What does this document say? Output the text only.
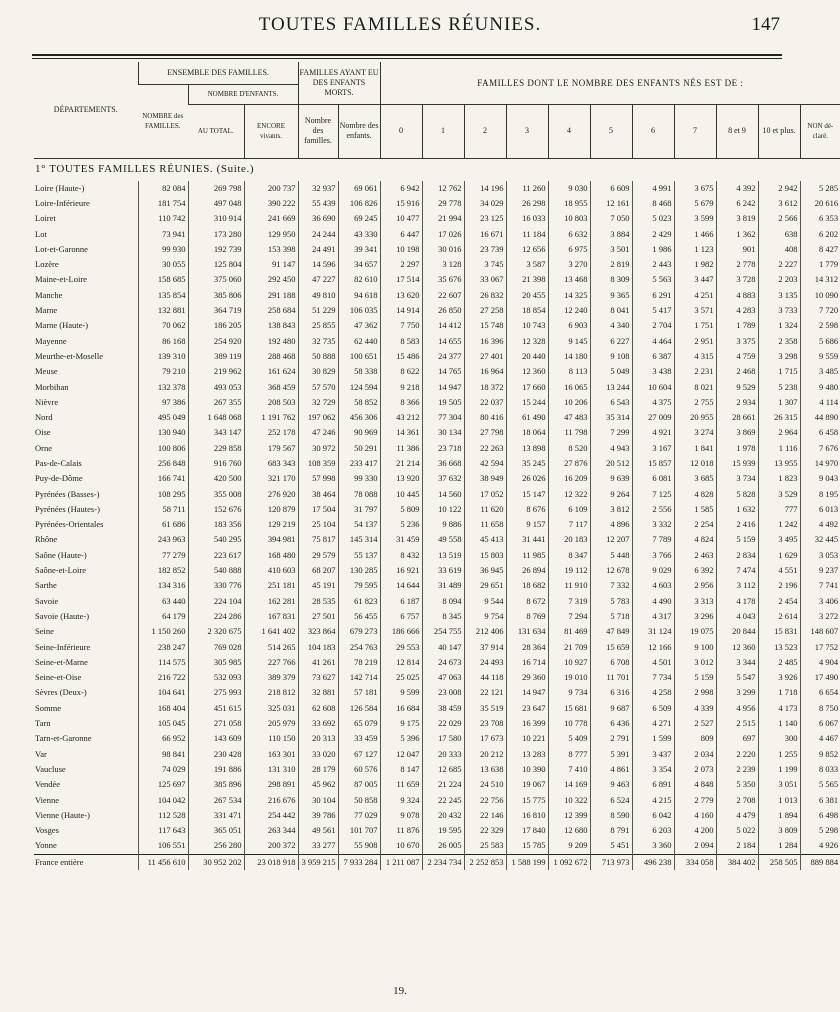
TOUTES FAMILLES RÉUNIES.	147
DÉPARTEMENTS.	ENSEMBLE DES FAMILLES.			FAMILLES AYANT EU DES ENFANTS MORTS.		FAMILLES DONT LE NOMBRE DES ENFANTS NÉS EST DE :										
	NOMBRE des FAMILLES.	NOMBRE D'ENFANTS.														
		AU TOTAL.	ENCORE vivants.	Nombre des familles.	Nombre des enfants.	0	1	2	3	4	5	6	7	8 et 9	10 et plus.	NON dé- claré.
1° TOUTES FAMILLES RÉUNIES. (Suite.)																
Loire (Haute-)	82 084	269 798	200 737	32 937	69 061	6 942	12 762	14 196	11 260	9 030	6 609	4 991	3 675	4 392	2 942	5 285
Loire-Inférieure	181 754	497 048	390 222	55 439	106 826	15 916	29 778	34 029	26 298	18 955	12 161	8 468	5 679	6 242	3 612	20 616
Loiret	110 742	310 914	241 669	36 690	69 245	10 477	21 994	23 125	16 033	10 803	7 050	5 023	3 599	3 819	2 566	6 353
Lot	73 941	173 280	129 950	24 244	43 330	6 447	17 026	16 671	11 184	6 632	3 884	2 429	1 466	1 362	638	6 202
Lot-et-Garonne	99 930	192 739	153 398	24 491	39 341	10 198	30 016	23 739	12 656	6 975	3 501	1 986	1 123	901	408	8 427
Lozère	30 055	125 804	91 147	14 596	34 657	2 297	3 128	3 745	3 587	3 270	2 819	2 443	1 982	2 778	2 227	1 779
Maine-et-Loire	158 685	375 060	292 450	47 227	82 610	17 514	35 676	33 067	21 398	13 468	8 309	5 563	3 447	3 728	2 203	14 312
Manche	135 854	385 806	291 188	49 810	94 618	13 620	22 607	26 832	20 455	14 325	9 365	6 291	4 251	4 883	3 135	10 090
Marne	132 881	364 719	258 684	51 229	106 035	14 914	26 850	27 258	18 854	12 240	8 041	5 417	3 571	4 283	3 733	7 720
Marne (Haute-)	70 062	186 205	138 843	25 855	47 362	7 750	14 412	15 748	10 743	6 903	4 340	2 704	1 751	1 789	1 324	2 598
Mayenne	86 168	254 920	192 480	32 735	62 440	8 583	14 655	16 396	12 328	9 145	6 227	4 464	2 951	3 375	2 358	5 686
Meurthe-et-Moselle	139 310	389 119	288 468	50 888	100 651	15 486	24 377	27 401	20 440	14 180	9 108	6 387	4 315	4 759	3 298	9 559
Meuse	79 210	219 962	161 624	30 829	58 338	8 622	14 765	16 964	12 360	8 113	5 049	3 438	2 231	2 468	1 715	3 485
Morbihan	132 378	493 053	368 459	57 570	124 594	9 218	14 947	18 372	17 660	16 065	13 244	10 604	8 021	9 529	5 238	9 480
Nièvre	97 386	267 355	208 503	32 729	58 852	8 366	19 505	22 037	15 244	10 206	6 543	4 375	2 755	2 934	1 307	4 114
Nord	495 049	1 648 068	1 191 762	197 062	456 306	43 212	77 304	80 416	61 490	47 483	35 314	27 009	20 955	28 661	26 315	44 890
Oise	130 940	343 147	252 178	47 246	90 969	14 361	30 134	27 798	18 064	11 798	7 299	4 921	3 274	3 869	2 964	6 458
Orne	100 806	229 858	179 567	30 972	50 291	11 386	23 718	22 263	13 898	8 520	4 943	3 167	1 841	1 978	1 116	7 676
Pas-de-Calais	256 848	916 760	683 343	108 359	233 417	21 214	36 668	42 594	35 245	27 876	20 512	15 857	12 018	15 939	13 955	14 970
Puy-de-Dôme	166 741	420 500	321 170	57 998	99 330	13 920	37 632	38 949	26 026	16 209	9 639	6 081	3 685	3 734	1 823	9 043
Pyrénées (Basses-)	108 295	355 008	276 920	38 464	78 088	10 445	14 560	17 052	15 147	12 322	9 264	7 125	4 828	5 828	3 529	8 195
Pyrénées (Hautes-)	58 711	152 676	120 879	17 504	31 797	5 809	10 122	11 620	8 676	6 109	3 812	2 556	1 585	1 632	777	6 013
Pyrénées-Orientales	61 686	183 356	129 219	25 104	54 137	5 236	9 886	11 658	9 157	7 117	4 896	3 332	2 254	2 416	1 242	4 492
Rhône	243 963	540 295	394 981	75 817	145 314	31 459	49 558	45 413	31 441	20 183	12 207	7 789	4 824	5 159	3 495	32 445
Saône (Haute-)	77 279	223 617	168 480	29 579	55 137	8 432	13 519	15 803	11 985	8 347	5 448	3 766	2 463	2 834	1 629	3 053
Saône-et-Loire	182 852	540 888	410 603	68 207	130 285	16 921	33 619	36 945	26 894	19 112	12 678	9 029	6 392	7 474	4 551	9 237
Sarthe	134 316	330 776	251 181	45 191	79 595	14 644	31 489	29 651	18 682	11 910	7 332	4 603	2 956	3 112	2 196	7 741
Savoie	63 440	224 104	162 281	28 535	61 823	6 187	8 094	9 544	8 672	7 319	5 783	4 490	3 313	4 178	2 454	3 406
Savoie (Haute-)	64 179	224 286	167 831	27 501	56 455	6 757	8 345	9 754	8 769	7 294	5 718	4 317	3 296	4 043	2 614	3 272
Seine	1 150 260	2 320 675	1 641 402	323 864	679 273	186 666	254 755	212 406	131 634	81 469	47 849	31 124	19 075	20 844	15 831	148 607
Seine-Inférieure	238 247	769 028	514 265	104 183	254 763	29 553	40 147	37 914	28 364	21 709	15 659	12 166	9 100	12 360	13 523	17 752
Seine-et-Marne	114 575	305 985	227 766	41 261	78 219	12 814	24 673	24 493	16 714	10 927	6 708	4 501	3 012	3 344	2 485	4 904
Seine-et-Oise	216 722	532 093	389 379	73 627	142 714	25 025	47 063	44 118	29 360	19 010	11 701	7 734	5 159	5 547	3 926	17 490
Sèvres (Deux-)	104 641	275 993	218 812	32 881	57 181	9 599	23 008	22 121	14 947	9 734	6 316	4 258	2 998	3 299	1 718	6 654
Somme	168 404	451 615	325 031	62 608	126 584	16 684	38 459	35 519	23 647	15 681	9 687	6 509	4 339	4 956	4 173	8 750
Tarn	105 045	271 058	205 979	33 692	65 079	9 175	22 029	23 708	16 399	10 778	6 436	4 271	2 527	2 515	1 140	6 067
Tarn-et-Garonne	66 952	143 609	110 150	20 313	33 459	5 396	17 580	17 673	10 221	5 409	2 791	1 599	809	697	300	4 467
Var	98 841	230 428	163 301	33 020	67 127	12 047	20 333	20 212	13 283	8 777	5 391	3 437	2 034	2 220	1 255	9 852
Vaucluse	74 029	191 886	131 310	28 179	60 576	8 147	12 685	13 638	10 390	7 410	4 861	3 354	2 073	2 239	1 199	8 033
Vendée	125 697	385 896	298 891	45 962	87 005	11 659	21 224	24 510	19 067	14 169	9 463	6 891	4 848	5 350	3 051	5 565
Vienne	104 042	267 534	216 676	30 104	50 858	9 324	22 245	22 756	15 775	10 322	6 524	4 215	2 779	2 708	1 013	6 381
Vienne (Haute-)	112 528	331 471	254 442	39 786	77 029	9 078	20 432	22 146	16 810	12 399	8 590	6 042	4 160	4 479	1 894	6 498
Vosges	117 643	365 051	263 344	49 561	101 707	11 876	19 595	22 329	17 840	12 680	8 791	6 203	4 200	5 022	3 809	5 298
Yonne	106 551	256 280	200 372	33 277	55 908	10 670	26 005	25 583	15 785	9 209	5 451	3 360	2 094	2 184	1 284	4 926
France entière	11 456 610	30 952 202	23 018 918	3 959 215	7 933 284	1 211 087	2 234 734	2 252 853	1 588 199	1 092 672	713 973	496 238	334 058	384 402	258 505	889 884
19.
